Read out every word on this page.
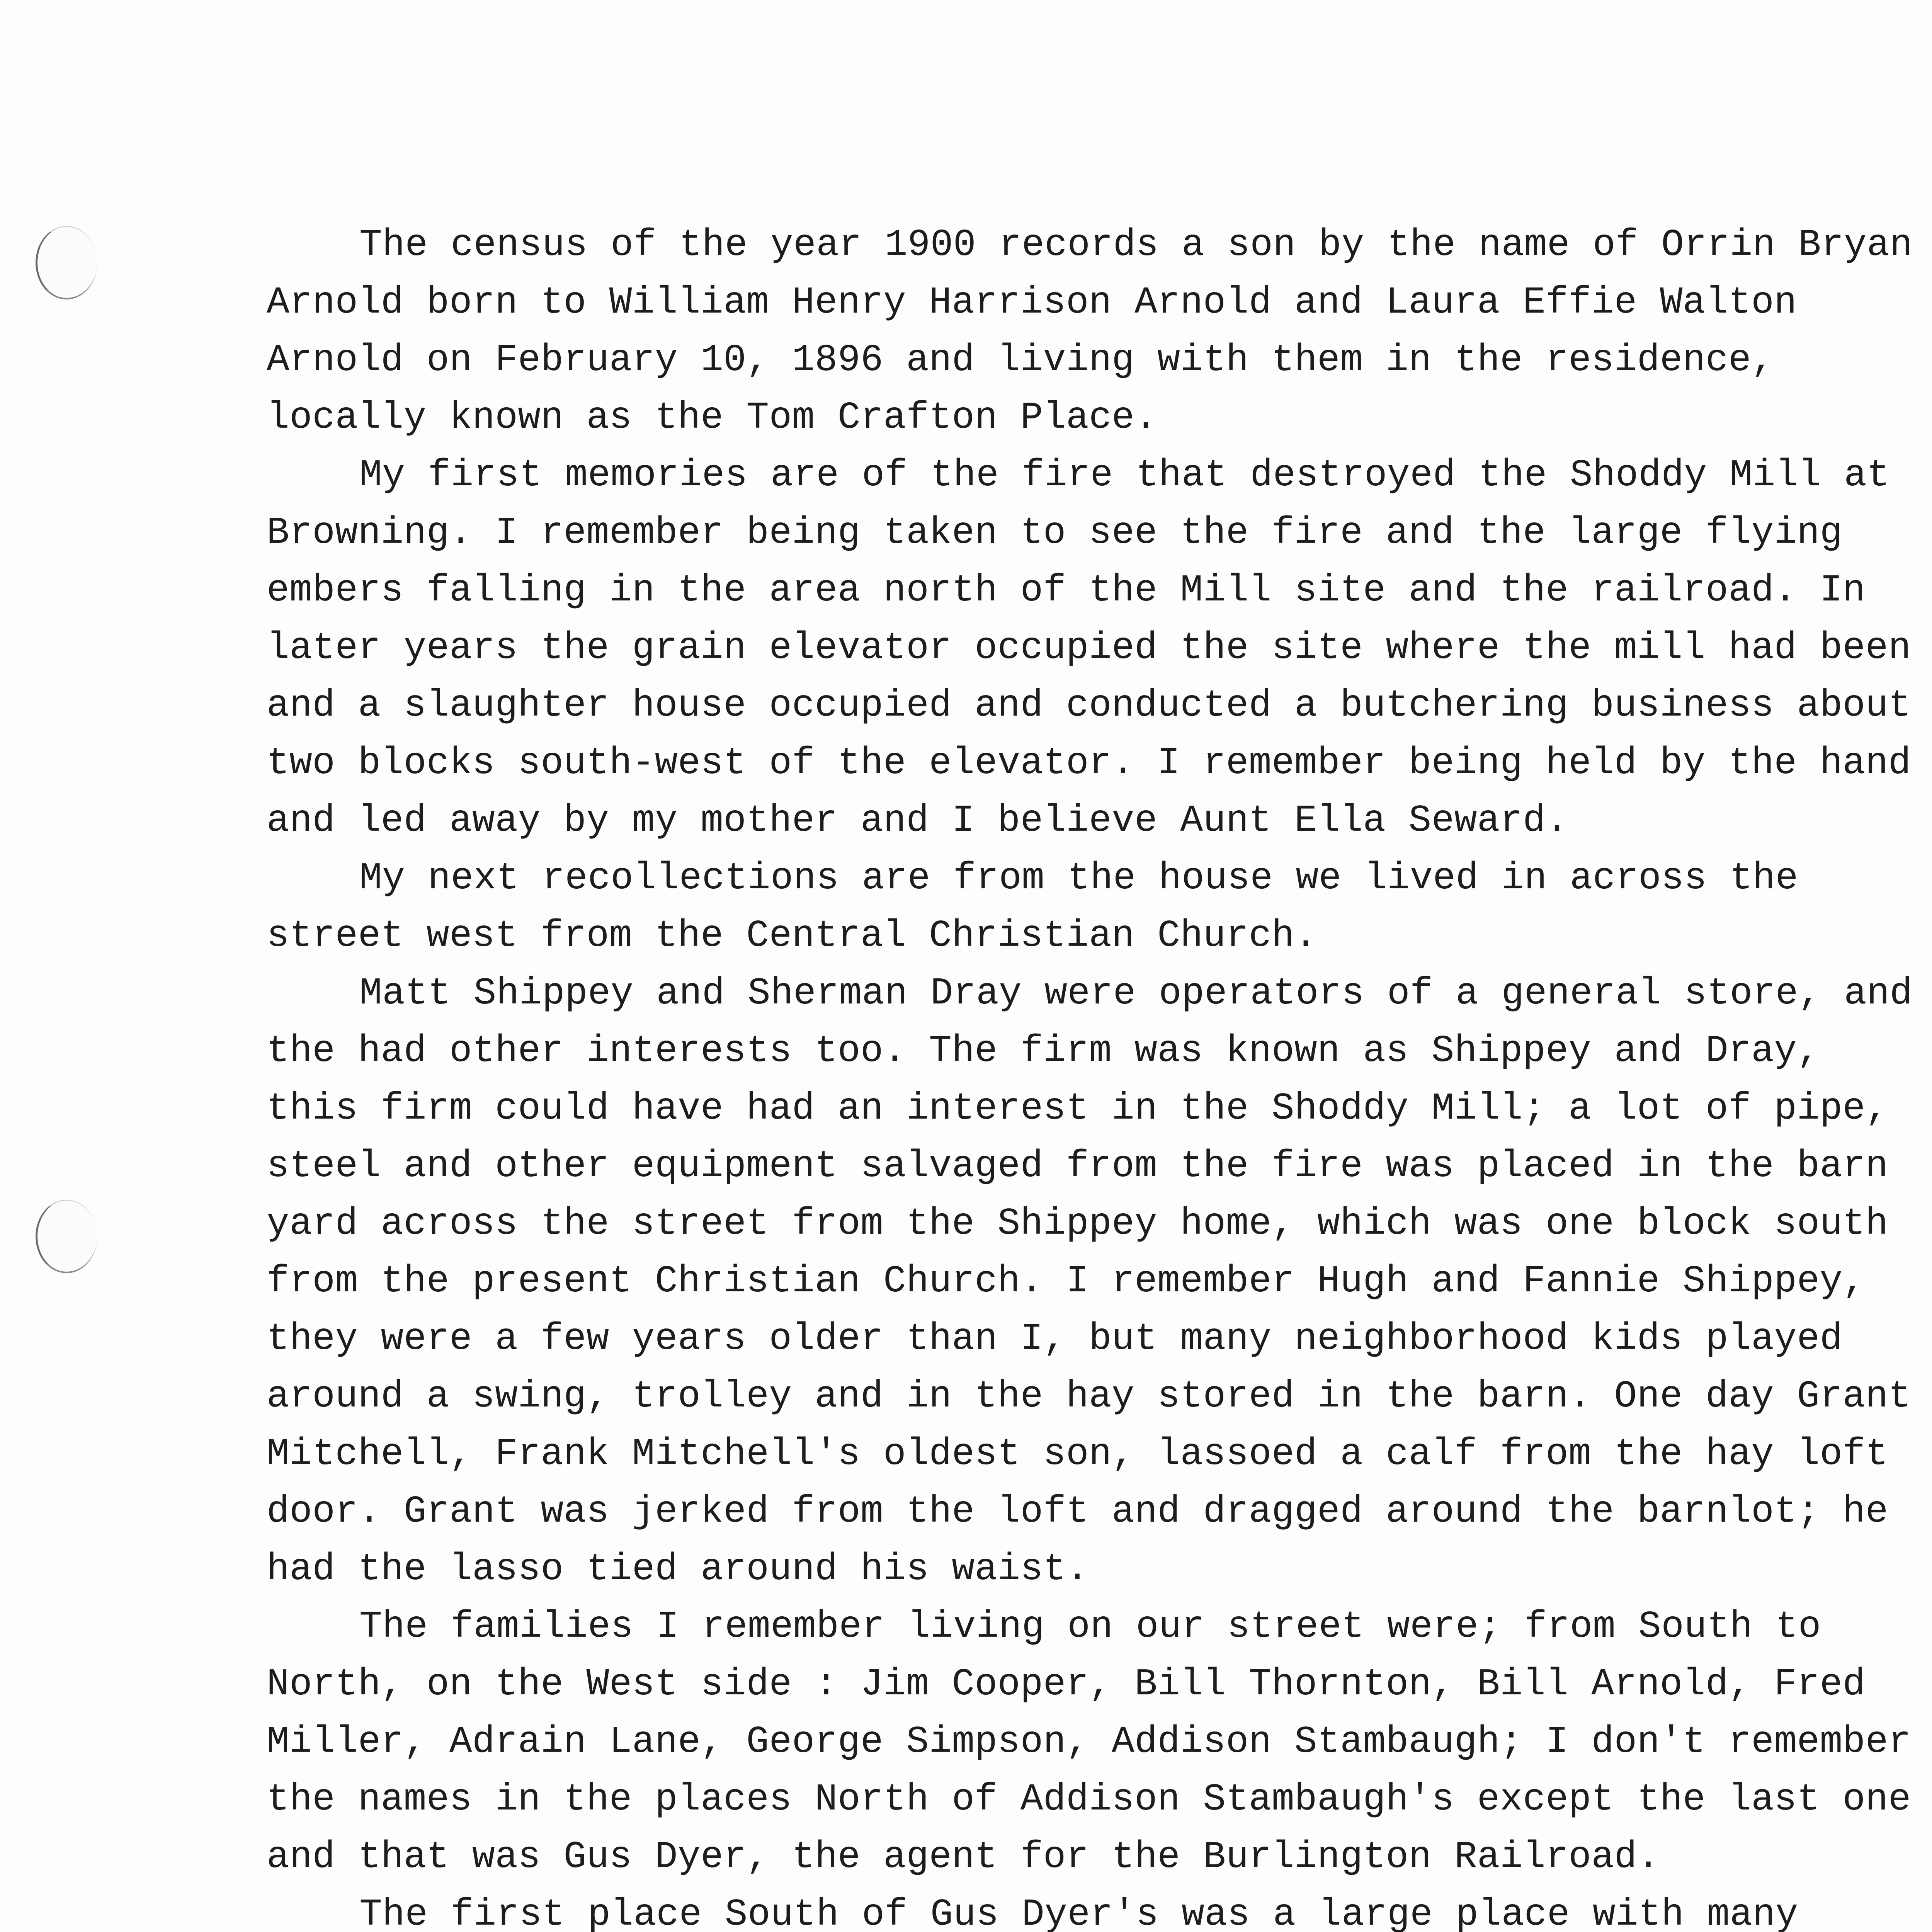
The census of the year 1900 records a son by the name of Orrin Bryan Arnold born to William Henry Harrison Arnold and Laura Effie Walton Arnold on February 10, 1896 and living with them in the residence, locally known as the Tom Crafton Place.

My first memories are of the fire that destroyed the Shoddy Mill at Browning. I remember being taken to see the fire and the large flying embers falling in the area north of the Mill site and the railroad. In later years the grain elevator occupied the site where the mill had been and a slaughter house occupied and conducted a butchering business about two blocks south-west of the elevator. I remember being held by the hand and led away by my mother and I believe Aunt Ella Seward.

My next recollections are from the house we lived in across the street west from the Central Christian Church.

Matt Shippey and Sherman Dray were operators of a general store, and the had other interests too. The firm was known as Shippey and Dray, this firm could have had an interest in the Shoddy Mill; a lot of pipe, steel and other equipment salvaged from the fire was placed in the barn yard across the street from the Shippey home, which was one block south from the present Christian Church. I remember Hugh and Fannie Shippey, they were a few years older than I, but many neighborhood kids played around a swing, trolley and in the hay stored in the barn. One day Grant Mitchell, Frank Mitchell's oldest son, lassoed a calf from the hay loft door. Grant was jerked from the loft and dragged around the barnlot; he had the lasso tied around his waist.

The families I remember living on our street were; from South to North, on the West side : Jim Cooper, Bill Thornton, Bill Arnold, Fred Miller, Adrain Lane, George Simpson, Addison Stambaugh; I don't remember the names in the places North of Addison Stambaugh's except the last one and that was Gus Dyer, the agent for the Burlington Railroad.

The first place South of Gus Dyer's was a large place with many
